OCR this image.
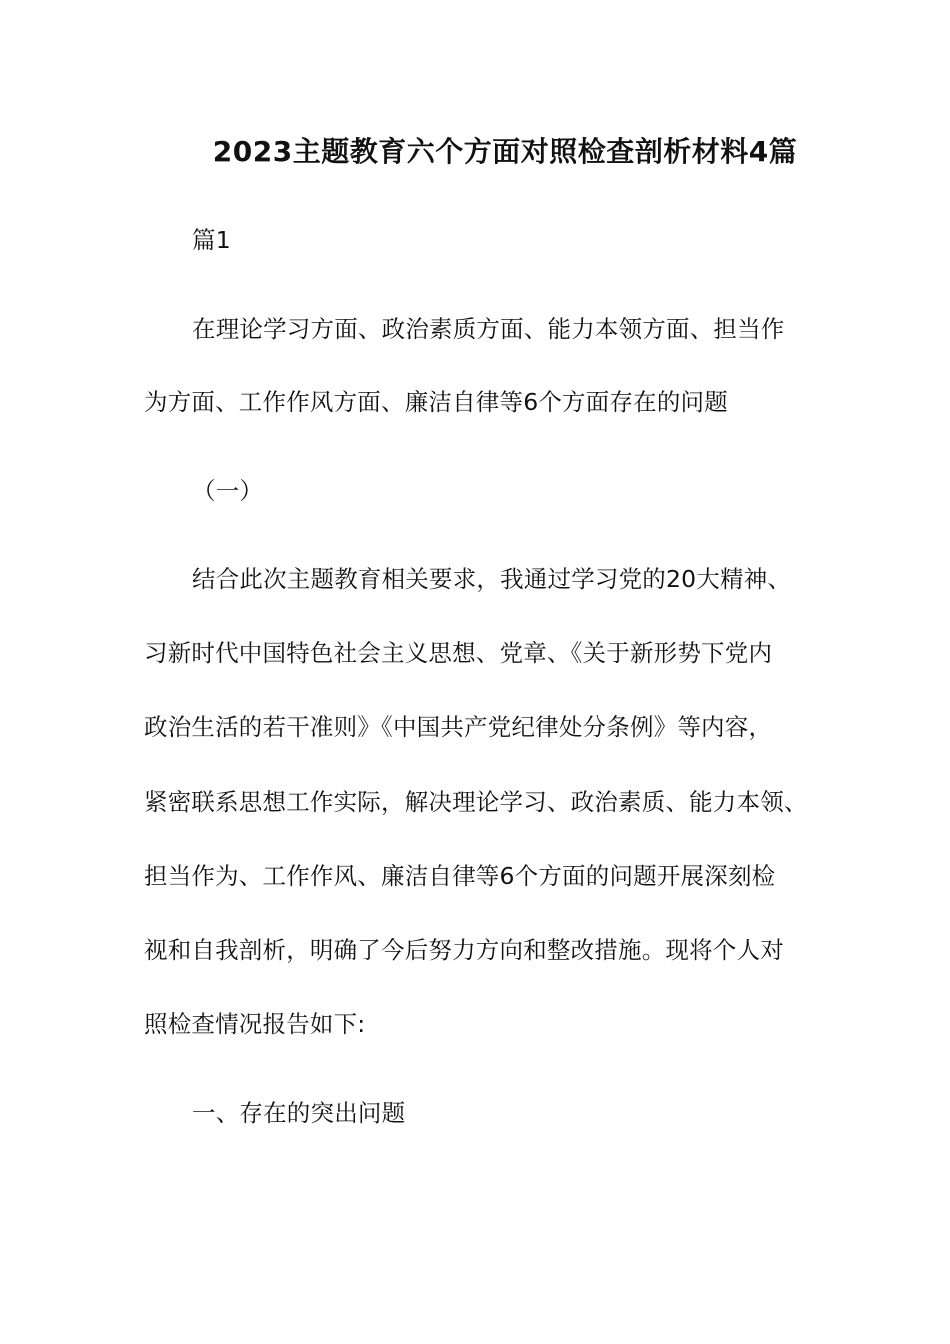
2023主题教育六个方面对照检查剖析材料4篇
篇1
在理论学习方面、政治素质方面、能力本领方面、担当作
为方面、工作作风方面、廉洁自律等6个方面存在的问题
（一）
结合此次主题教育相关要求，我通过学习党的20大精神、
习新时代中国特色社会主义思想、党章、《关于新形势下党内
政治生活的若干准则》《中国共产党纪律处分条例》等内容，
紧密联系思想工作实际，解决理论学习、政治素质、能力本领、
担当作为、工作作风、廉洁自律等6个方面的问题开展深刻检
视和自我剖析，明确了今后努力方向和整改措施。现将个人对
照检查情况报告如下:
一、存在的突出问题
